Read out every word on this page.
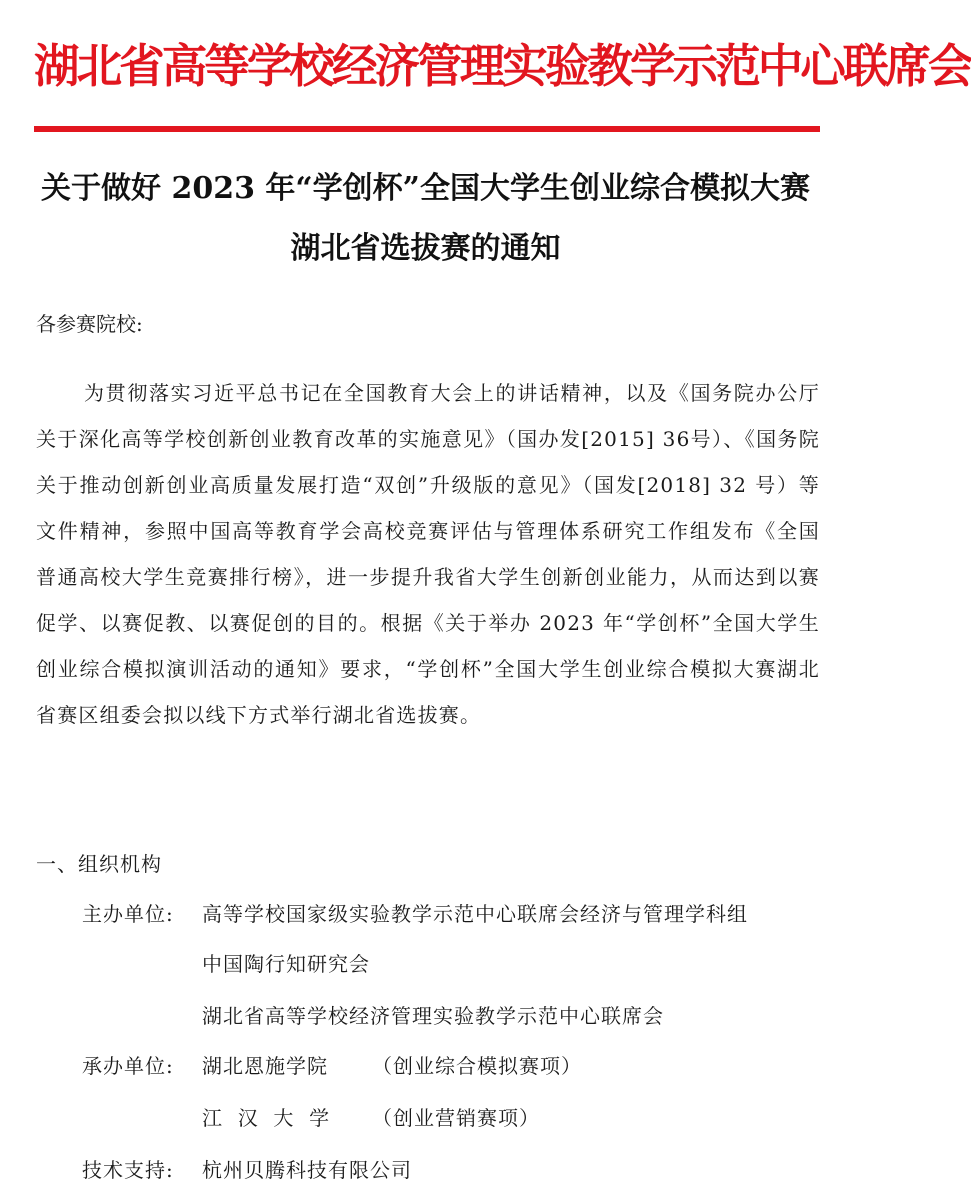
湖北省高等学校经济管理实验教学示范中心联席会
关于做好 2023 年“学创杯”全国大学生创业综合模拟大赛
湖北省选拔赛的通知
各参赛院校:
为贯彻落实习近平总书记在全国教育大会上的讲话精神，以及《国务院办公厅关于深化高等学校创新创业教育改革的实施意见》（国办发[2015] 36号）、《国务院关于推动创新创业高质量发展打造“双创”升级版的意见》（国发[2018] 32 号）等文件精神，参照中国高等教育学会高校竞赛评估与管理体系研究工作组发布《全国普通高校大学生竞赛排行榜》，进一步提升我省大学生创新创业能力，从而达到以赛促学、以赛促教、以赛促创的目的。根据《关于举办 2023 年“学创杯”全国大学生创业综合模拟演训活动的通知》要求，“学创杯”全国大学生创业综合模拟大赛湖北省赛区组委会拟以线下方式举行湖北省选拔赛。
一、组织机构
主办单位: 高等学校国家级实验教学示范中心联席会经济与管理学科组
中国陶行知研究会
湖北省高等学校经济管理实验教学示范中心联席会
承办单位: 湖北恩施学院 （创业综合模拟赛项）
江  汉  大  学 （创业营销赛项）
技术支持: 杭州贝腾科技有限公司
